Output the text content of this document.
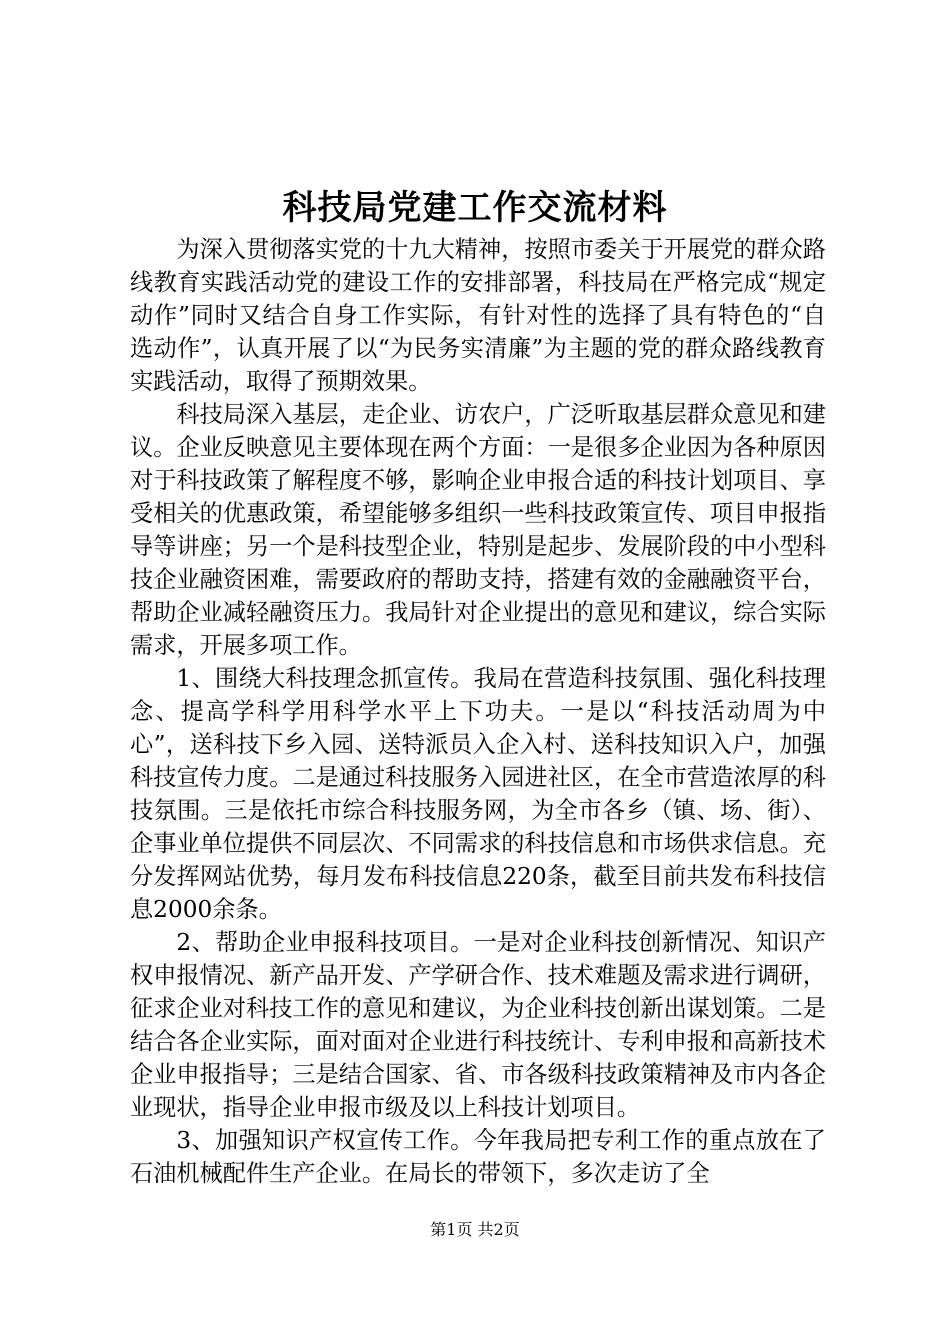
科技局党建工作交流材料

为深入贯彻落实党的十九大精神，按照市委关于开展党的群众路线教育实践活动党的建设工作的安排部署，科技局在严格完成“规定动作”同时又结合自身工作实际，有针对性的选择了具有特色的“自选动作”，认真开展了以“为民务实清廉”为主题的党的群众路线教育实践活动，取得了预期效果。

科技局深入基层，走企业、访农户，广泛听取基层群众意见和建议。企业反映意见主要体现在两个方面：一是很多企业因为各种原因对于科技政策了解程度不够，影响企业申报合适的科技计划项目、享受相关的优惠政策，希望能够多组织一些科技政策宣传、项目申报指导等讲座；另一个是科技型企业，特别是起步、发展阶段的中小型科技企业融资困难，需要政府的帮助支持，搭建有效的金融融资平台，帮助企业减轻融资压力。我局针对企业提出的意见和建议，综合实际需求，开展多项工作。

1、围绕大科技理念抓宣传。我局在营造科技氛围、强化科技理念、提高学科学用科学水平上下功夫。一是以“科技活动周为中心”，送科技下乡入园、送特派员入企入村、送科技知识入户，加强科技宣传力度。二是通过科技服务入园进社区，在全市营造浓厚的科技氛围。三是依托市综合科技服务网，为全市各乡（镇、场、街）、企事业单位提供不同层次、不同需求的科技信息和市场供求信息。充分发挥网站优势，每月发布科技信息220条，截至目前共发布科技信息2000余条。

2、帮助企业申报科技项目。一是对企业科技创新情况、知识产权申报情况、新产品开发、产学研合作、技术难题及需求进行调研，征求企业对科技工作的意见和建议，为企业科技创新出谋划策。二是结合各企业实际，面对面对企业进行科技统计、专利申报和高新技术企业申报指导；三是结合国家、省、市各级科技政策精神及市内各企业现状，指导企业申报市级及以上科技计划项目。

3、加强知识产权宣传工作。今年我局把专利工作的重点放在了石油机械配件生产企业。在局长的带领下，多次走访了全

第1页 共2页
